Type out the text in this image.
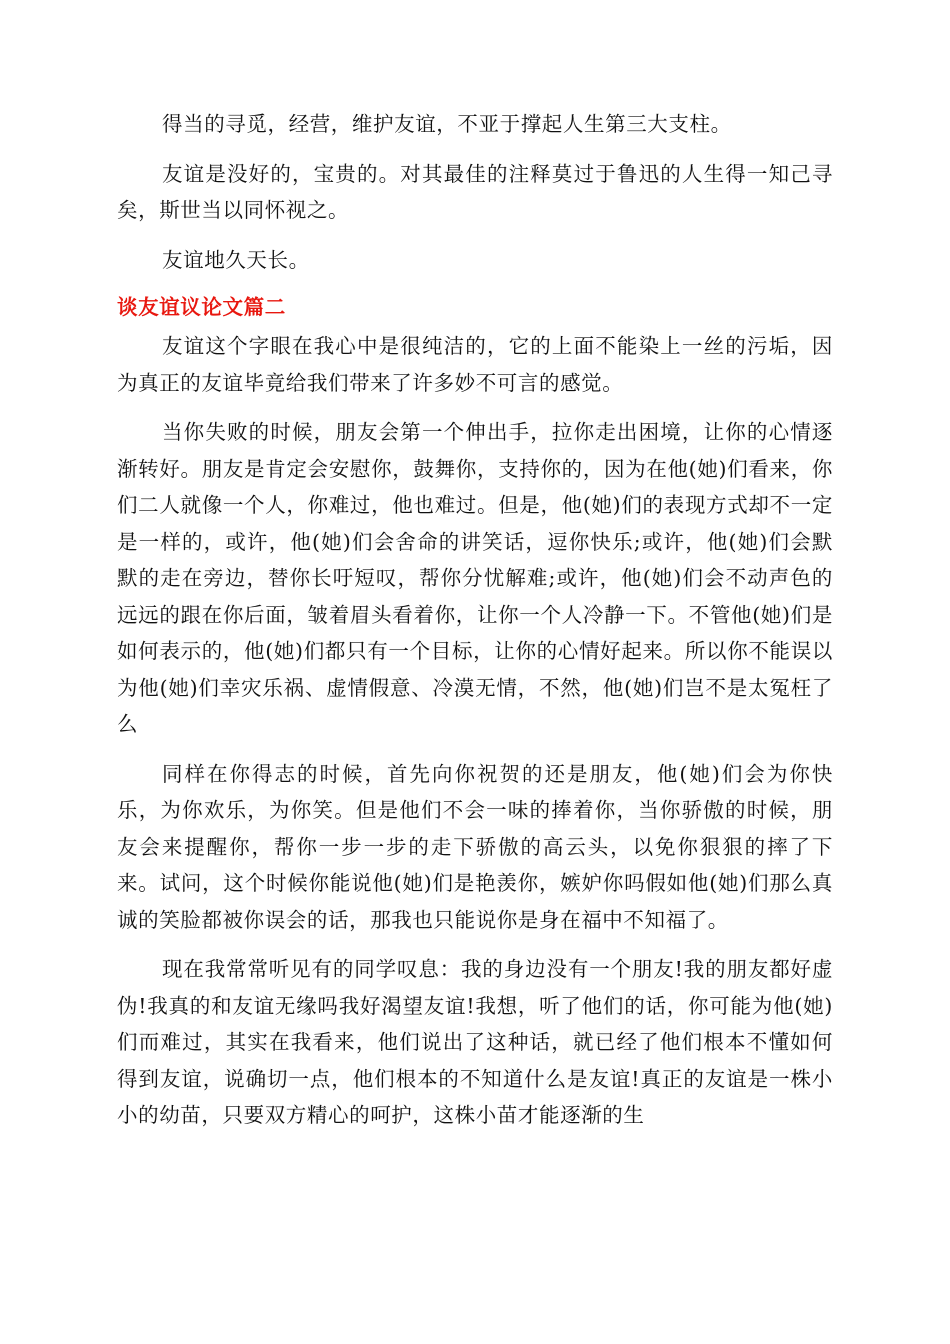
得当的寻觅，经营，维护友谊，不亚于撑起人生第三大支柱。

友谊是没好的，宝贵的。对其最佳的注释莫过于鲁迅的人生得一知己寻矣，斯世当以同怀视之。

友谊地久天长。

谈友谊议论文篇二

友谊这个字眼在我心中是很纯洁的，它的上面不能染上一丝的污垢，因为真正的友谊毕竟给我们带来了许多妙不可言的感觉。

当你失败的时候，朋友会第一个伸出手，拉你走出困境，让你的心情逐渐转好。朋友是肯定会安慰你，鼓舞你，支持你的，因为在他(她)们看来，你们二人就像一个人，你难过，他也难过。但是，他(她)们的表现方式却不一定是一样的，或许，他(她)们会舍命的讲笑话，逗你快乐;或许，他(她)们会默默的走在旁边，替你长吁短叹，帮你分忧解难;或许，他(她)们会不动声色的远远的跟在你后面，皱着眉头看着你，让你一个人冷静一下。不管他(她)们是如何表示的，他(她)们都只有一个目标，让你的心情好起来。所以你不能误以为他(她)们幸灾乐祸、虚情假意、冷漠无情，不然，他(她)们岂不是太冤枉了么

同样在你得志的时候，首先向你祝贺的还是朋友，他(她)们会为你快乐，为你欢乐，为你笑。但是他们不会一味的捧着你，当你骄傲的时候，朋友会来提醒你，帮你一步一步的走下骄傲的高云头，以免你狠狠的摔了下来。试问，这个时候你能说他(她)们是艳羡你，嫉妒你吗假如他(她)们那么真诚的笑脸都被你误会的话，那我也只能说你是身在福中不知福了。

现在我常常听见有的同学叹息：我的身边没有一个朋友!我的朋友都好虚伪!我真的和友谊无缘吗我好渴望友谊!我想，听了他们的话，你可能为他(她)们而难过，其实在我看来，他们说出了这种话，就已经了他们根本不懂如何得到友谊，说确切一点，他们根本的不知道什么是友谊!真正的友谊是一株小小的幼苗，只要双方精心的呵护，这株小苗才能逐渐的生
